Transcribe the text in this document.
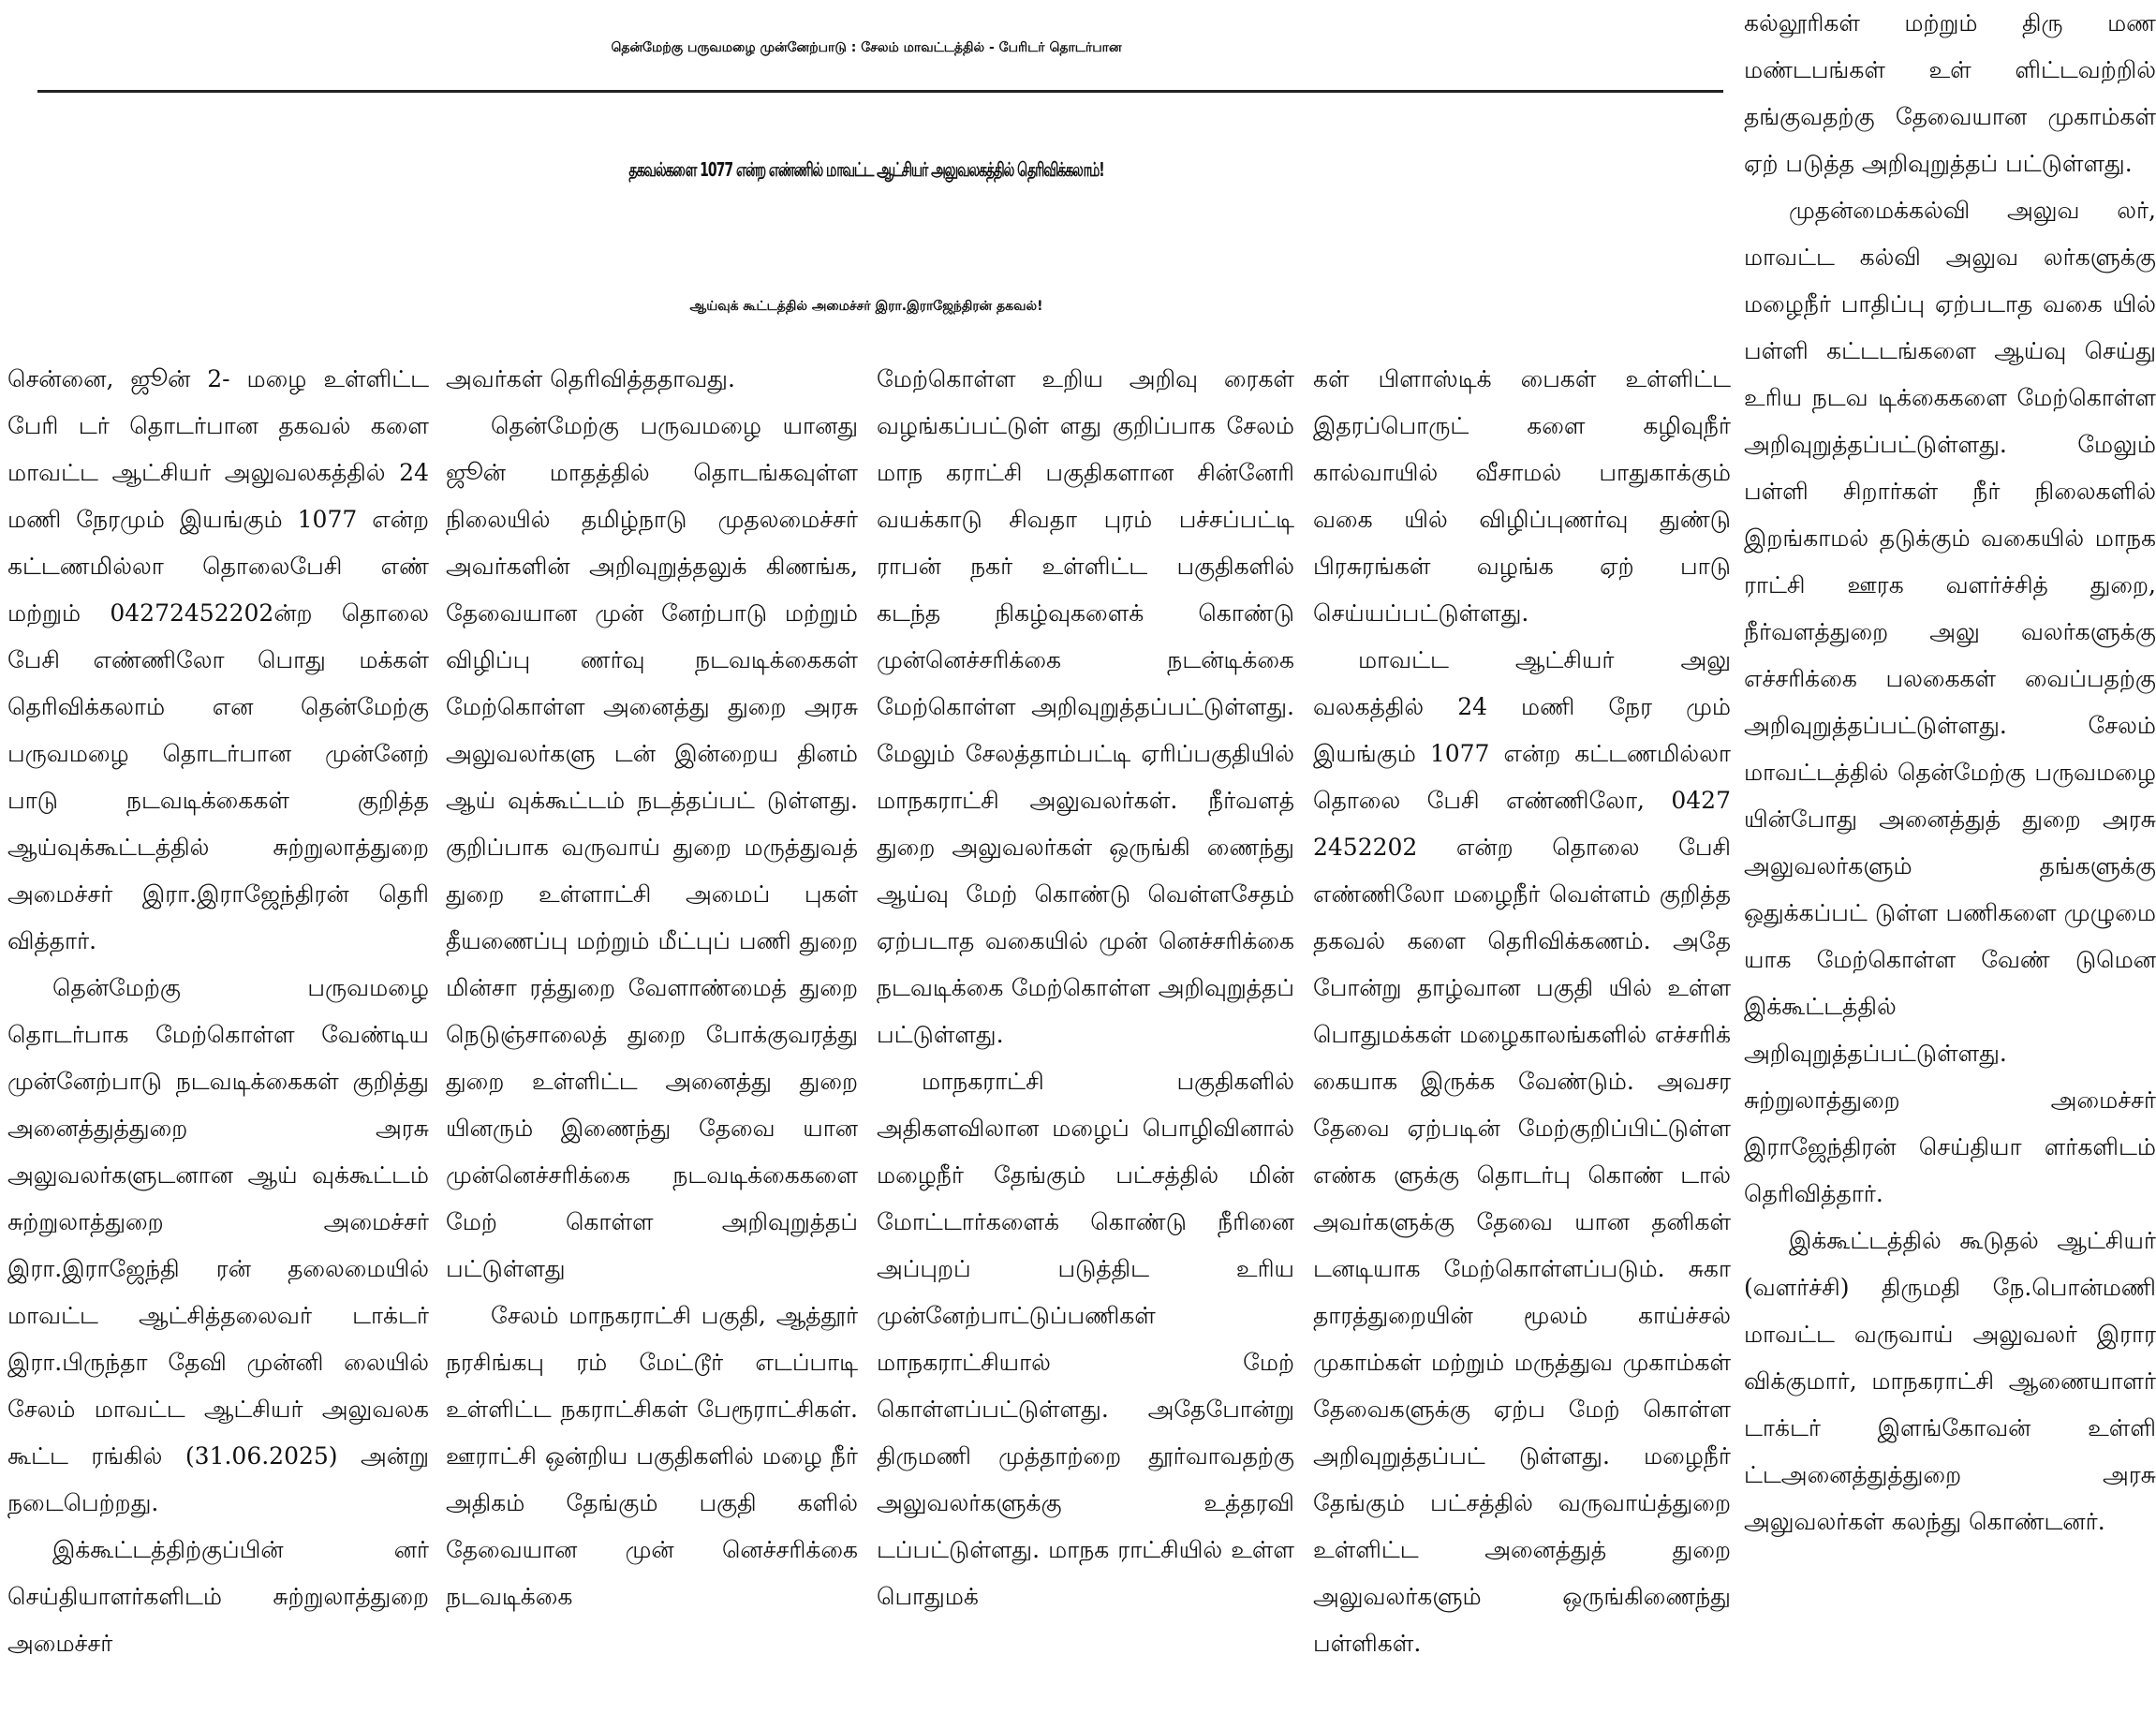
தென்மேற்கு பருவமழை முன்னேற்பாடு : சேலம் மாவட்டத்தில் - பேரிடர் தொடர்பான
தகவல்களை 1077 என்ற எண்ணில் மாவட்ட ஆட்சியர் அலுவலகத்தில் தெரிவிக்கலாம்!
ஆய்வுக் கூட்டத்தில் அமைச்சர் இரா.இராஜேந்திரன் தகவல்!

சென்னை, ஜூன் 2- மழை உள்ளிட்ட பேரி டர் தொடர்பான தகவல் களை மாவட்ட ஆட்சியர் அலுவலகத்தில் 24 மணி நேரமும் இயங்கும் 1077 என்ற கட்டணமில்லா தொலைபேசி எண் மற்றும் 04272452202ன்ற தொலை பேசி எண்ணிலோ பொது மக்கள் தெரிவிக்கலாம் என தென்மேற்கு பருவமழை தொடர்பான முன்னேற் பாடு நடவடிக்கைகள் குறித்த ஆய்வுக்கூட்டத்தில் சுற்றுலாத்துறை அமைச்சர் இரா.இராஜேந்திரன் தெரி வித்தார்.

தென்மேற்கு பருவமழை தொடர்பாக மேற்கொள்ள வேண்டிய முன்னேற்பாடு நடவடிக்கைகள் குறித்து அனைத்துத்துறை அரசு அலுவலர்களுடனான ஆய் வுக்கூட்டம் சுற்றுலாத்துறை அமைச்சர் இரா.இராஜேந்தி ரன் தலைமையில் மாவட்ட ஆட்சித்தலைவர் டாக்டர் இரா.பிருந்தா தேவி முன்னி லையில் சேலம் மாவட்ட ஆட்சியர் அலுவலக கூட்ட ரங்கில் (31.06.2025) அன்று நடைபெற்றது.

இக்கூட்டத்திற்குப்பின் னர் செய்தியாளர்களிடம் சுற்றுலாத்துறை அமைச்சர்

அவர்கள் தெரிவித்ததாவது.

தென்மேற்கு பருவமழை யானது ஜூன் மாதத்தில் தொடங்கவுள்ள நிலையில் தமிழ்நாடு முதலமைச்சர் அவர்களின் அறிவுறுத்தலுக் கிணங்க, தேவையான முன் னேற்பாடு மற்றும் விழிப்பு ணர்வு நடவடிக்கைகள் மேற்கொள்ள அனைத்து துறை அரசு அலுவலர்களு டன் இன்றைய தினம் ஆய் வுக்கூட்டம் நடத்தப்பட் டுள்ளது. குறிப்பாக வருவாய் துறை மருத்துவத் துறை உள்ளாட்சி அமைப் புகள் தீயணைப்பு மற்றும் மீட்புப் பணி துறை மின்சா ரத்துறை வேளாண்மைத் துறை நெடுஞ்சாலைத் துறை போக்குவரத்து துறை உள்ளிட்ட அனைத்து துறை யினரும் இணைந்து தேவை யான முன்னெச்சரிக்கை நடவடிக்கைகளை மேற் கொள்ள அறிவுறுத்தப் பட்டுள்ளது

சேலம் மாநகராட்சி பகுதி, ஆத்தூர் நரசிங்கபு ரம் மேட்டூர் எடப்பாடி உள்ளிட்ட நகராட்சிகள் பேரூராட்சிகள். ஊராட்சி ஒன்றிய பகுதிகளில் மழை நீர் அதிகம் தேங்கும் பகுதி களில் தேவையான முன் னெச்சரிக்கை நடவடிக்கை

மேற்கொள்ள உறிய அறிவு ரைகள் வழங்கப்பட்டுள் ளது குறிப்பாக சேலம் மாந கராட்சி பகுதிகளான சின்னேரி வயக்காடு சிவதா புரம் பச்சப்பட்டி ராபன் நகர் உள்ளிட்ட பகுதிகளில் கடந்த நிகழ்வுகளைக் கொண்டு முன்னெச்சரிக்கை நடன்டிக்கை மேற்கொள்ள அறிவுறுத்தப்பட்டுள்ளது. மேலும் சேலத்தாம்பட்டி ஏரிப்பகுதியில் மாநகராட்சி அலுவலர்கள். நீர்வளத் துறை அலுவலர்கள் ஒருங்கி ணைந்து ஆய்வு மேற் கொண்டு வெள்ளசேதம் ஏற்படாத வகையில் முன் னெச்சரிக்கை நடவடிக்கை மேற்கொள்ள அறிவுறுத்தப் பட்டுள்ளது.

மாநகராட்சி பகுதிகளில் அதிகளவிலான மழைப் பொழிவினால் மழைநீர் தேங்கும் பட்சத்தில் மின் மோட்டார்களைக் கொண்டு நீரினை அப்புறப் படுத்திட உரிய முன்னேற்பாட்டுப்பணிகள் மாநகராட்சியால் மேற் கொள்ளப்பட்டுள்ளது. அதேபோன்று திருமணி முத்தாற்றை தூர்வாவதற்கு அலுவலர்களுக்கு உத்தரவி டப்பட்டுள்ளது. மாநக ராட்சியில் உள்ள பொதுமக்

கள் பிளாஸ்டிக் பைகள் உள்ளிட்ட இதரப்பொருட் களை கழிவுநீர் கால்வாயில் வீசாமல் பாதுகாக்கும் வகை யில் விழிப்புணர்வு துண்டு பிரசுரங்கள் வழங்க ஏற் பாடு செய்யப்பட்டுள்ளது.

மாவட்ட ஆட்சியர் அலு வலகத்தில் 24 மணி நேர மும் இயங்கும் 1077 என்ற கட்டணமில்லா தொலை பேசி எண்ணிலோ, 0427 2452202 என்ற தொலை பேசி எண்ணிலோ மழைநீர் வெள்ளம் குறித்த தகவல் களை தெரிவிக்கணம். அதே போன்று தாழ்வான பகுதி யில் உள்ள பொதுமக்கள் மழைகாலங்களில் எச்சரிக் கையாக இருக்க வேண்டும். அவசர தேவை ஏற்படின் மேற்குறிப்பிட்டுள்ள எண்க ளுக்கு தொடர்பு கொண் டால் அவர்களுக்கு தேவை யான தனிகள் டனடியாக மேற்கொள்ளப்படும். சுகா தாரத்துறையின் மூலம் காய்ச்சல் முகாம்கள் மற்றும் மருத்துவ முகாம்கள் தேவைகளுக்கு ஏற்ப மேற் கொள்ள அறிவுறுத்தப்பட் டுள்ளது. மழைநீர் தேங்கும் பட்சத்தில் வருவாய்த்துறை உள்ளிட்ட அனைத்துத் துறை அலுவலர்களும் ஒருங்கிணைந்து பள்ளிகள்.

கல்லூரிகள் மற்றும் திரு மண மண்டபங்கள் உள் ளிட்டவற்றில் தங்குவதற்கு தேவையான முகாம்கள் ஏற் படுத்த அறிவுறுத்தப் பட்டுள்ளது.

முதன்மைக்கல்வி அலுவ லர், மாவட்ட கல்வி அலுவ லர்களுக்கு மழைநீர் பாதிப்பு ஏற்படாத வகை யில் பள்ளி கட்டடங்களை ஆய்வு செய்து உரிய நடவ டிக்கைகளை மேற்கொள்ள அறிவுறுத்தப்பட்டுள்ளது. மேலும் பள்ளி சிறார்கள் நீர் நிலைகளில் இறங்காமல் தடுக்கும் வகையில் மாநக ராட்சி ஊரக வளர்ச்சித் துறை, நீர்வளத்துறை அலு வலர்களுக்கு எச்சரிக்கை பலகைகள் வைப்பதற்கு அறிவுறுத்தப்பட்டுள்ளது. சேலம் மாவட்டத்தில் தென்மேற்கு பருவமழை யின்போது அனைத்துத் துறை அரசு அலுவலர்களும் தங்களுக்கு ஒதுக்கப்பட் டுள்ள பணிகளை முழுமை யாக மேற்கொள்ள வேண் டுமென இக்கூட்டத்தில் அறிவுறுத்தப்பட்டுள்ளது. சுற்றுலாத்துறை அமைச்சர் இராஜேந்திரன் செய்தியா ளர்களிடம் தெரிவித்தார்.

இக்கூட்டத்தில் கூடுதல் ஆட்சியர் (வளர்ச்சி) திருமதி நே.பொன்மணி மாவட்ட வருவாய் அலுவலர் இரார விக்குமார், மாநகராட்சி ஆணையாளர் டாக்டர் இளங்கோவன் உள்ளி ட்டஅனைத்துத்துறை அரசு அலுவலர்கள் கலந்து கொண்டனர்.
